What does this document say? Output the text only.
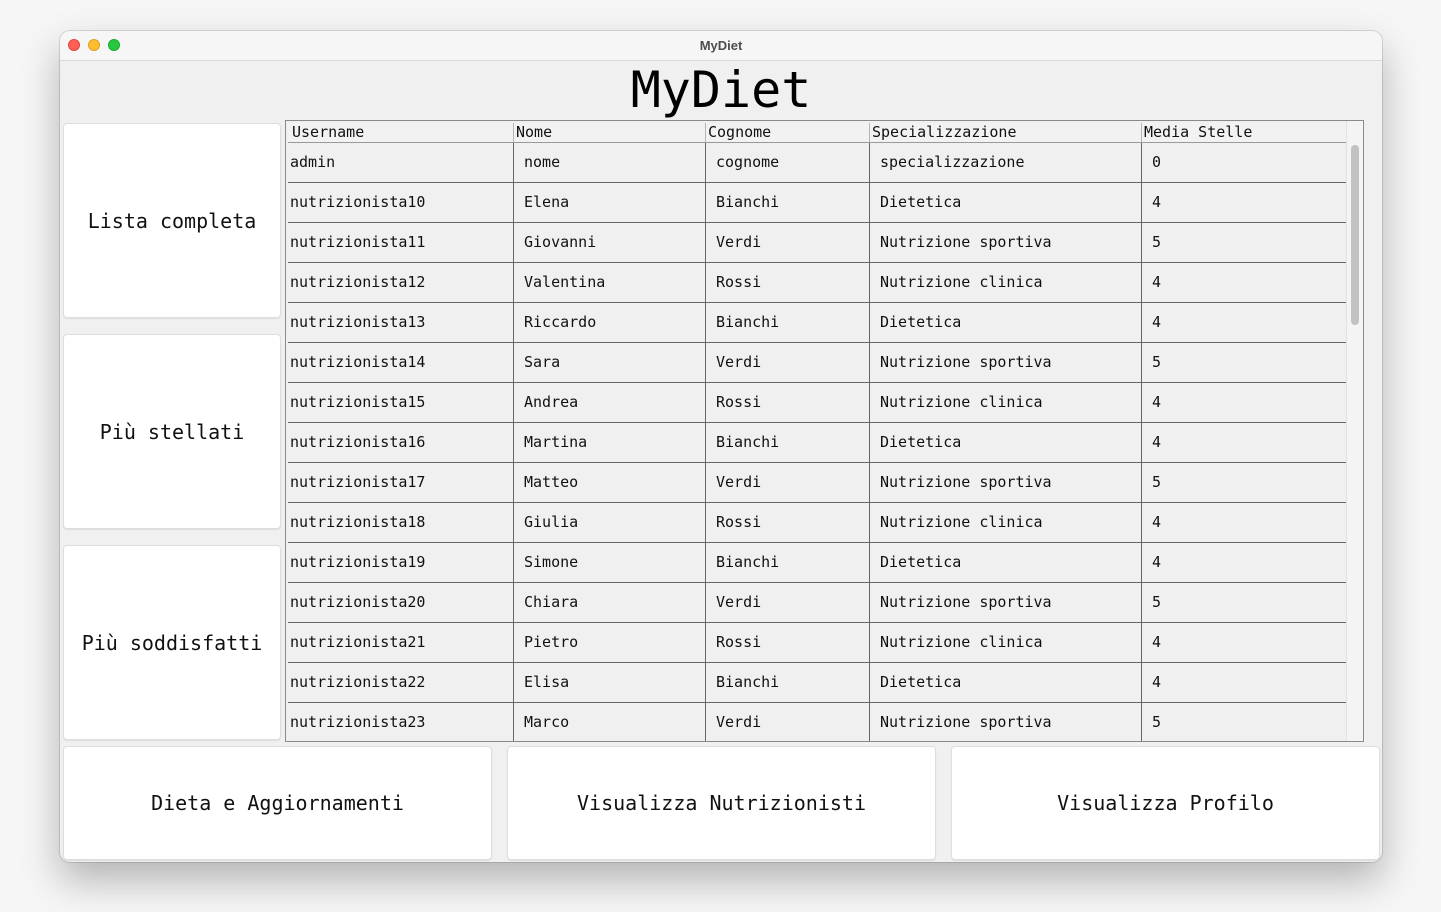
MyDiet
MyDiet
Lista completa
Più stellati
Più soddisfatti
Username	Nome	Cognome	Specializzazione	Media Stelle
admin	nome	cognome	specializzazione	0
nutrizionista10	Elena	Bianchi	Dietetica	4
nutrizionista11	Giovanni	Verdi	Nutrizione sportiva	5
nutrizionista12	Valentina	Rossi	Nutrizione clinica	4
nutrizionista13	Riccardo	Bianchi	Dietetica	4
nutrizionista14	Sara	Verdi	Nutrizione sportiva	5
nutrizionista15	Andrea	Rossi	Nutrizione clinica	4
nutrizionista16	Martina	Bianchi	Dietetica	4
nutrizionista17	Matteo	Verdi	Nutrizione sportiva	5
nutrizionista18	Giulia	Rossi	Nutrizione clinica	4
nutrizionista19	Simone	Bianchi	Dietetica	4
nutrizionista20	Chiara	Verdi	Nutrizione sportiva	5
nutrizionista21	Pietro	Rossi	Nutrizione clinica	4
nutrizionista22	Elisa	Bianchi	Dietetica	4
nutrizionista23	Marco	Verdi	Nutrizione sportiva	5
Dieta e Aggiornamenti	Visualizza Nutrizionisti	Visualizza Profilo
